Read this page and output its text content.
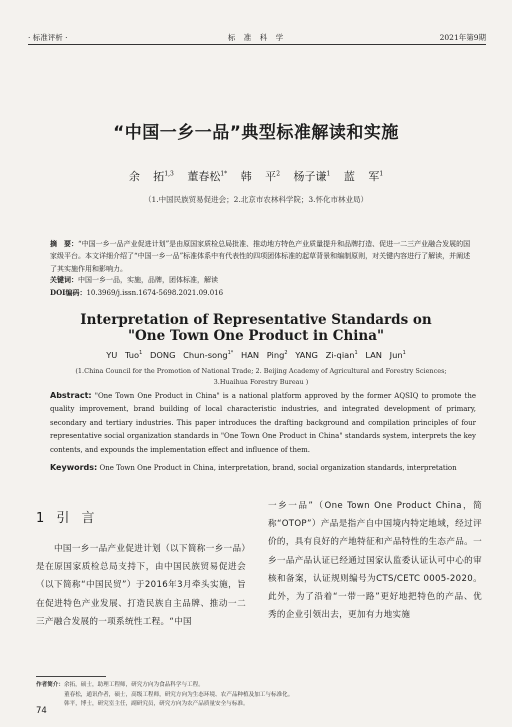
· 标准评析 ·	标 准 科 学	2021年第9期
“中国一乡一品”典型标准解读和实施
余 拓$^{1,3}$ 董春松$^{1*}$ 韩 平$^2$ 杨子谦$^1$ 蓝 军$^1$
（1.中国民族贸易促进会；2.北京市农林科学院；3.怀化市林业局）
摘　要：“中国一乡一品产业促进计划”是由原国家质检总局批准、推动地方特色产业质量提升和品牌打造、促进一二三产业融合发展的国家级平台。本文详细介绍了“中国一乡一品”标准体系中有代表性的四项团体标准的起草背景和编制原则，对关键内容进行了解读，并阐述了其实施作用和影响力。
关键词：中国一乡一品，实施，品牌，团体标准，解读
DOI编码：10.3969/j.issn.1674-5698.2021.09.016
Interpretation of Representative Standards on
"One Town One Product in China"
YU Tuo$^1$ DONG Chun-song$^{1*}$ HAN Ping$^2$ YANG Zi-qian$^1$ LAN Jun$^1$
(1.China Council for the Promotion of National Trade; 2. Beijing Academy of Agricultural and Forestry Sciences;
3.Huaihua Forestry Bureau )
Abstract: "One Town One Product in China" is a national platform approved by the former AQSIQ to promote the quality improvement, brand building of local characteristic industries, and integrated development of primary, secondary and tertiary industries. This paper introduces the drafting background and compilation principles of four representative social organization standards in "One Town One Product in China" standards system, interprets the key contents, and expounds the implementation effect and influence of them.
Keywords: One Town One Product in China, interpretation, brand, social organization standards, interpretation
1 引 言
中国一乡一品产业促进计划（以下简称一乡一品）是在原国家质检总局支持下，由中国民族贸易促进会（以下简称“中国民贸”）于2016年3月牵头实施，旨在促进特色产业发展、打造民族自主品牌、推动一二三产融合发展的一项系统性工程。“中国
一乡一品”（One Town One Product China，简称“OTOP”）产品是指产自中国境内特定地域，经过评价的，具有良好的产地特征和产品特性的生态产品。一乡一品产品认证已经通过国家认监委认证认可中心的审核和备案，认证规则编号为CTS/CETC 0005-2020。此外，为了沿着“一带一路”更好地把特色的产品、优秀的企业引领出去，更加有力地实施
作者简介：余拓，硕士，助理工程师，研究方向为食品科学与工程。
董春松，通讯作者，硕士，高级工程师，研究方向为生态环境、农产品种植及加工与标准化。
韩平，博士，研究室主任，副研究员，研究方向为农产品质量安全与标准。
74
